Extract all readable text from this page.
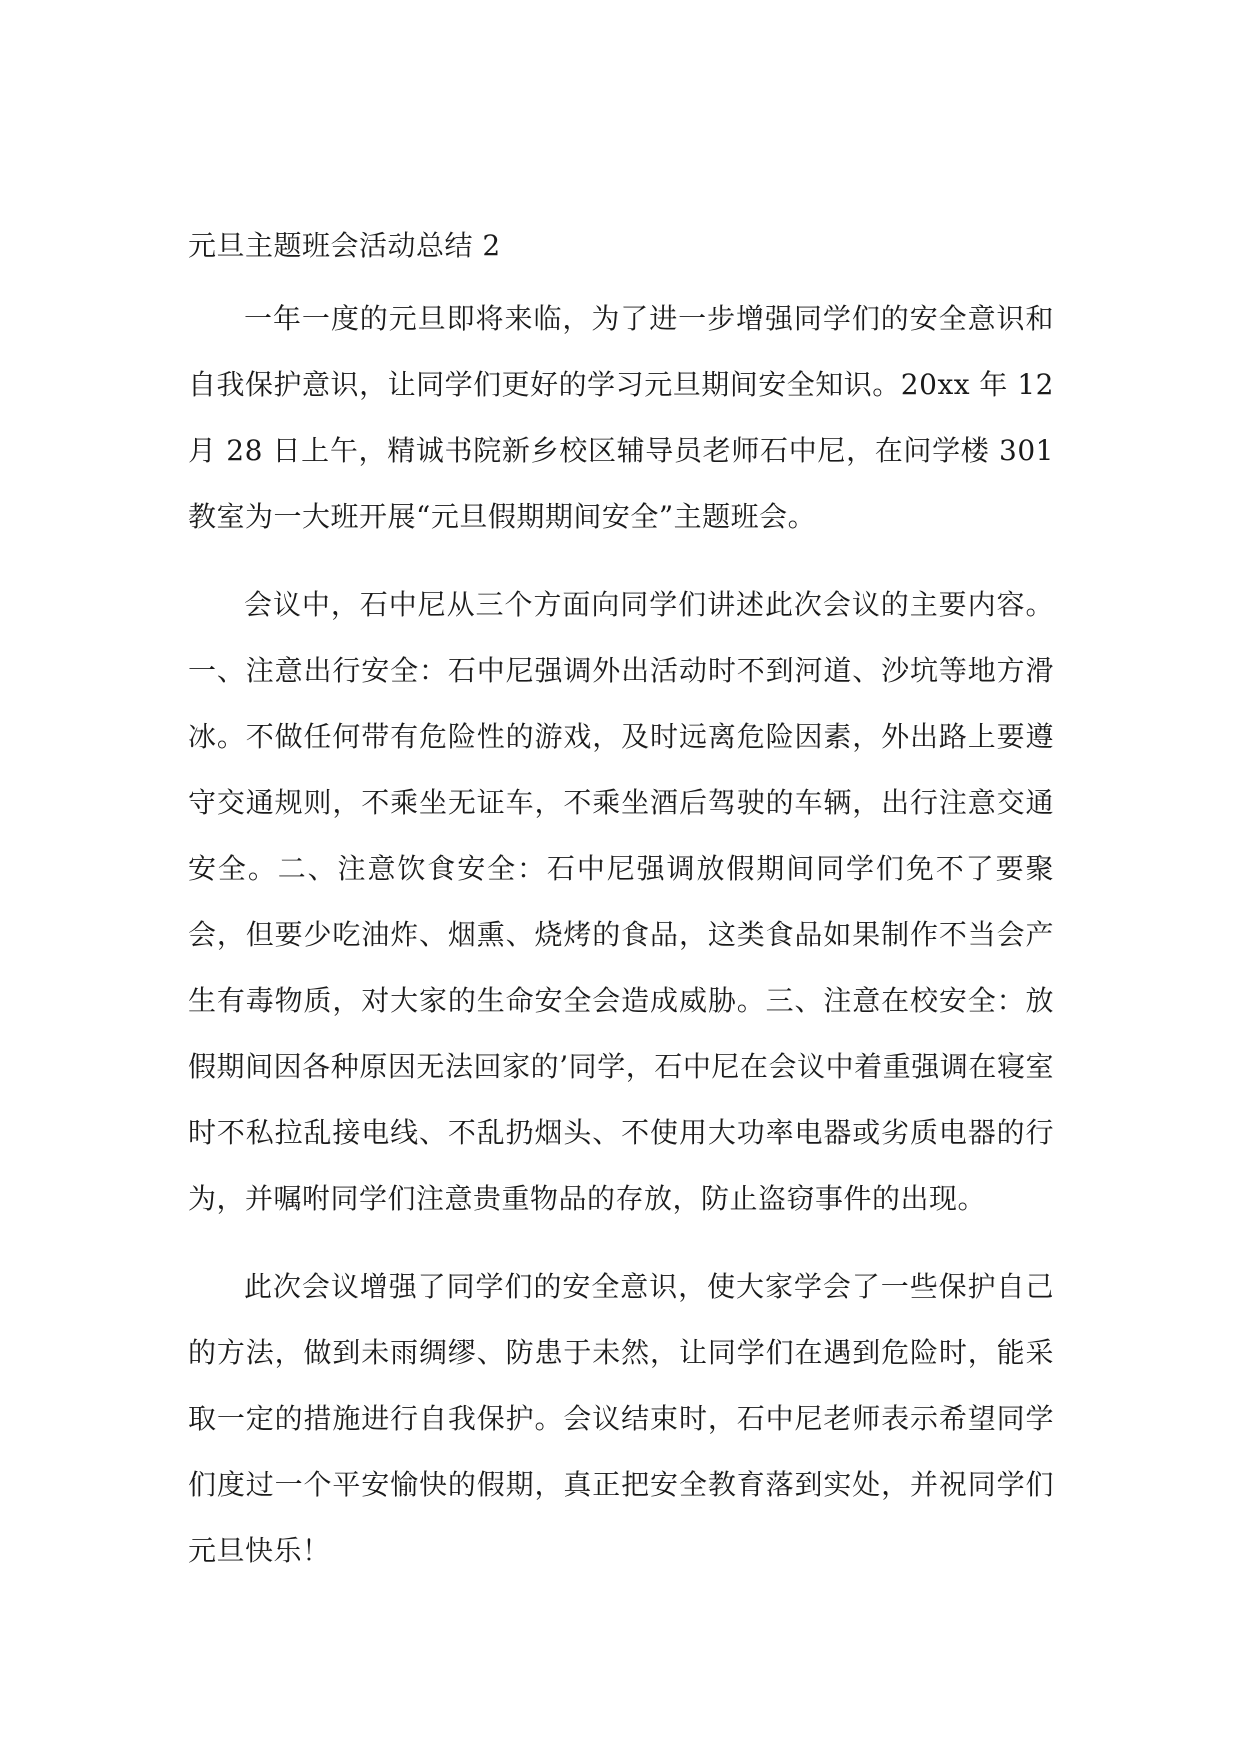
元旦主题班会活动总结 2

一年一度的元旦即将来临，为了进一步增强同学们的安全意识和自我保护意识，让同学们更好的学习元旦期间安全知识。20xx 年 12 月 28 日上午，精诚书院新乡校区辅导员老师石中尼，在问学楼 301 教室为一大班开展“元旦假期期间安全”主题班会。

会议中，石中尼从三个方面向同学们讲述此次会议的主要内容。一、注意出行安全：石中尼强调外出活动时不到河道、沙坑等地方滑冰。不做任何带有危险性的游戏，及时远离危险因素，外出路上要遵守交通规则，不乘坐无证车，不乘坐酒后驾驶的车辆，出行注意交通安全。二、注意饮食安全：石中尼强调放假期间同学们免不了要聚会，但要少吃油炸、烟熏、烧烤的食品，这类食品如果制作不当会产生有毒物质，对大家的生命安全会造成威胁。三、注意在校安全：放假期间因各种原因无法回家的’同学，石中尼在会议中着重强调在寝室时不私拉乱接电线、不乱扔烟头、不使用大功率电器或劣质电器的行为，并嘱咐同学们注意贵重物品的存放，防止盗窃事件的出现。

此次会议增强了同学们的安全意识，使大家学会了一些保护自己的方法，做到未雨绸缪、防患于未然，让同学们在遇到危险时，能采取一定的措施进行自我保护。会议结束时，石中尼老师表示希望同学们度过一个平安愉快的假期，真正把安全教育落到实处，并祝同学们元旦快乐！
